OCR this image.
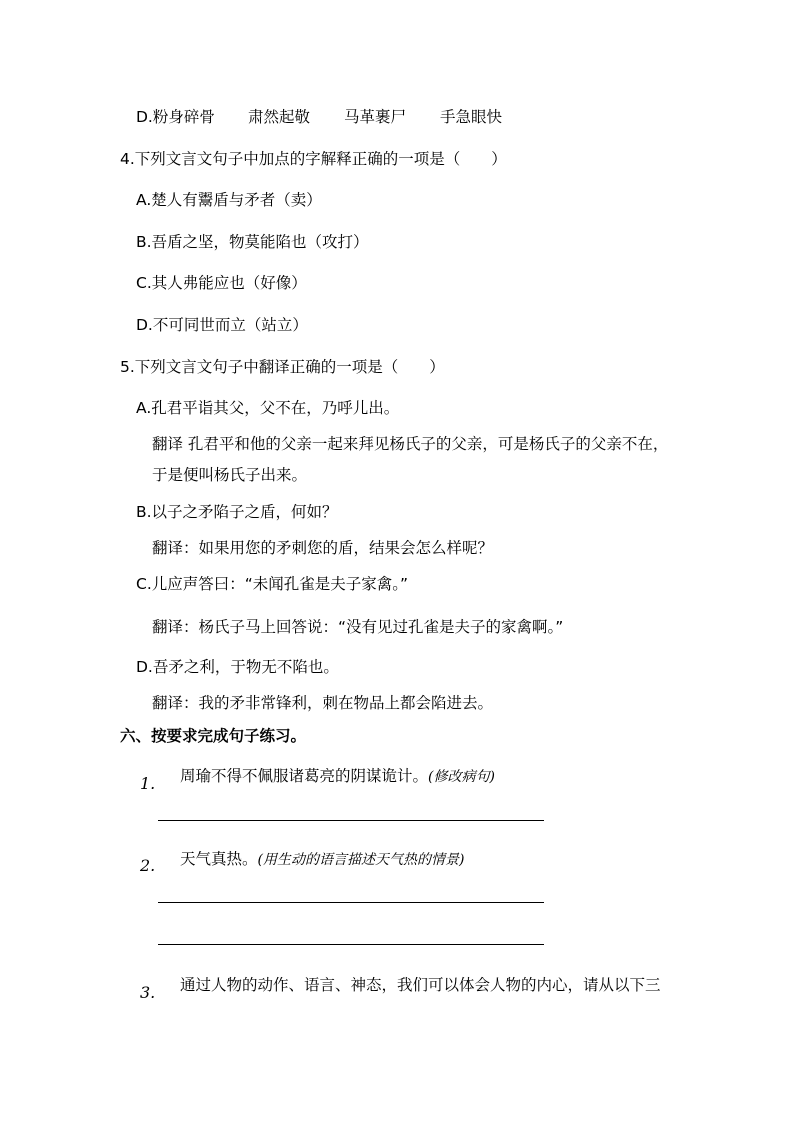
D.粉身碎骨 肃然起敬 马革裹尸 手急眼快
4.下列文言文句子中加点的字解释正确的一项是（　　）
A.楚人有鬻盾与矛者（卖）
B.吾盾之坚，物莫能陷也（攻打）
C.其人弗能应也（好像）
D.不可同世而立（站立）
5.下列文言文句子中翻译正确的一项是（　　）
A.孔君平诣其父，父不在，乃呼儿出。
翻译 孔君平和他的父亲一起来拜见杨氏子的父亲，可是杨氏子的父亲不在，
于是便叫杨氏子出来。
B.以子之矛陷子之盾，何如？
翻译：如果用您的矛刺您的盾，结果会怎么样呢？
C.儿应声答曰：“未闻孔雀是夫子家禽。”
翻译：杨氏子马上回答说：“没有见过孔雀是夫子的家禽啊。”
D.吾矛之利，于物无不陷也。
翻译：我的矛非常锋利，刺在物品上都会陷进去。
六、按要求完成句子练习。
1. 周瑜不得不佩服诸葛亮的阴谋诡计。(修改病句)
2. 天气真热。(用生动的语言描述天气热的情景)
3. 通过人物的动作、语言、神态，我们可以体会人物的内心，请从以下三
